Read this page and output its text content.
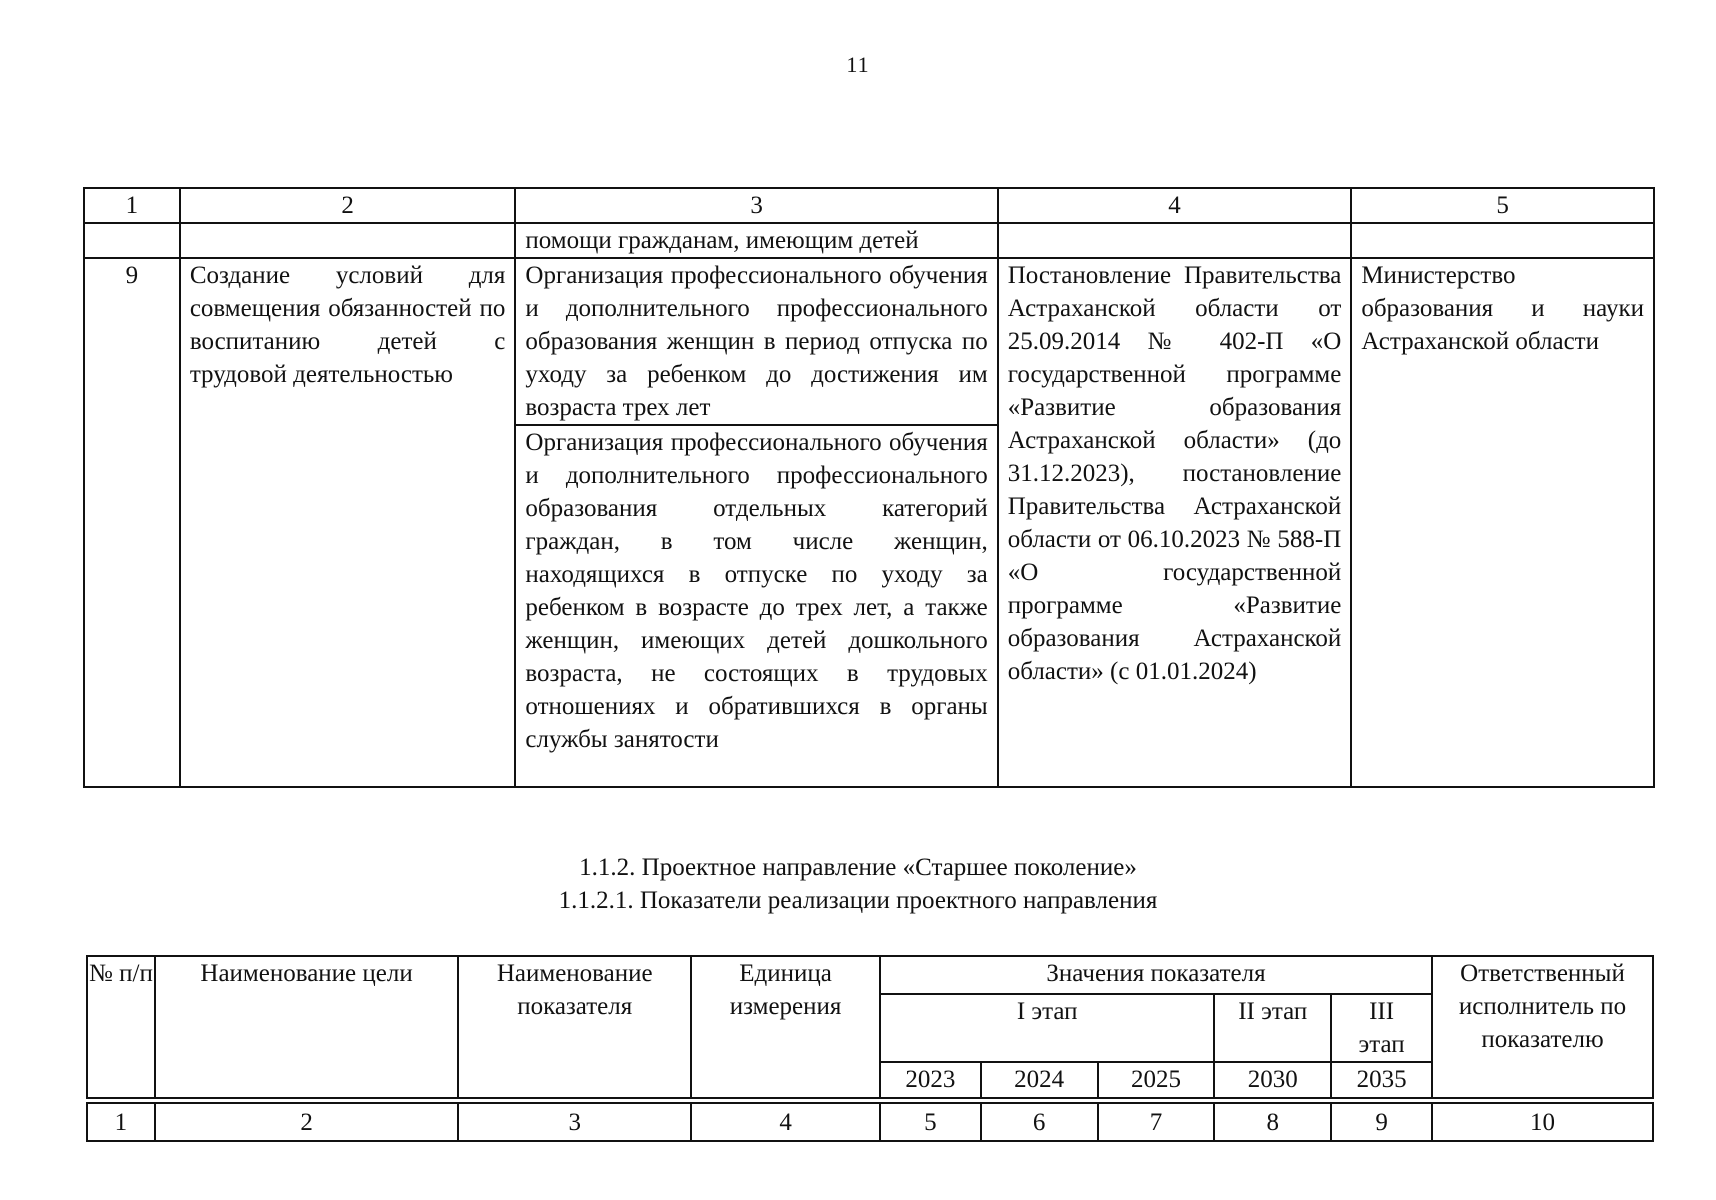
11
1	2	3	4	5
		помощи гражданам, имеющим детей		
9	Создание условий для совмещения обязанностей по воспитанию детей с трудовой деятельностью	Организация профессионального обучения и дополнительного профессионального образования женщин в период отпуска по уходу за ребенком до достижения им возраста трех лет	Постановление Правительства Астраханской области от 25.09.2014 № 402-П «О государственной программе «Развитие образования Астраханской области» (до 31.12.2023), постановление Правительства Астраханской области от 06.10.2023 № 588-П «О государственной программе «Развитие образования Астраханской области» (с 01.01.2024)	Министерство образования и науки Астраханской области
		Организация профессионального обучения и дополнительного профессионального образования отдельных категорий граждан, в том числе женщин, находящихся в отпуске по уходу за ребенком в возрасте до трех лет, а также женщин, имеющих детей дошкольного возраста, не состоящих в трудовых отношениях и обратившихся в органы службы занятости		
1.1.2. Проектное направление «Старшее поколение»
1.1.2.1. Показатели реализации проектного направления
№ п/п	Наименование цели	Наименование показателя	Единица измерения	Значения показателя					Ответственный исполнитель по показателю
				I этап			II этап	III этап	
				2023	2024	2025	2030	2035	

1	2	3	4	5	6	7	8	9	10
